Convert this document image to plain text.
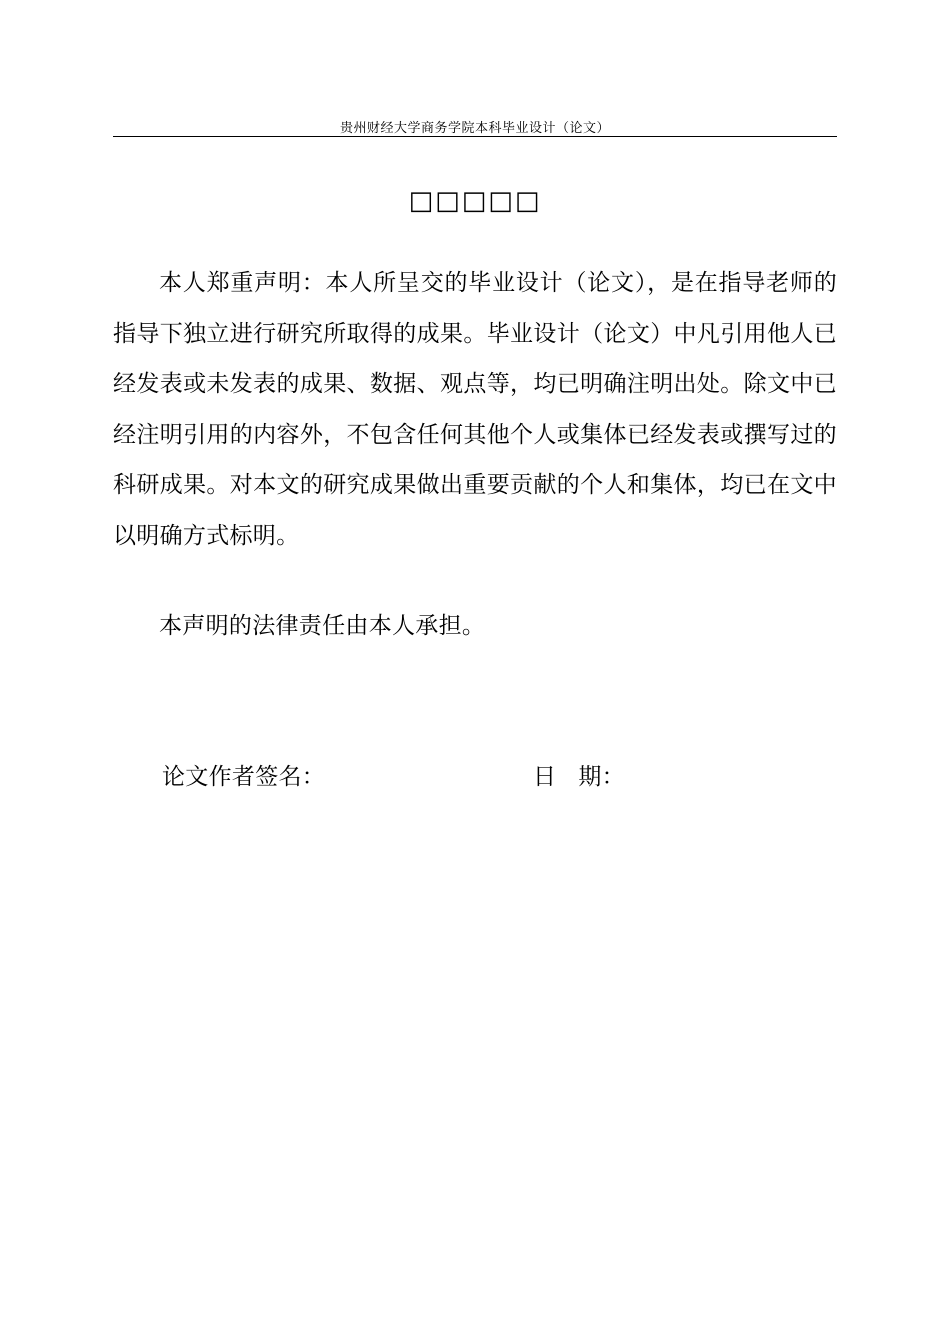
贵州财经大学商务学院本科毕业设计（论文）
□□□□□

本人郑重声明：本人所呈交的毕业设计（论文），是在指导老师的指导下独立进行研究所取得的成果。毕业设计（论文）中凡引用他人已经发表或未发表的成果、数据、观点等，均已明确注明出处。除文中已经注明引用的内容外，不包含任何其他个人或集体已经发表或撰写过的科研成果。对本文的研究成果做出重要贡献的个人和集体，均已在文中以明确方式标明。

本声明的法律责任由本人承担。

论文作者签名：	日 期：
